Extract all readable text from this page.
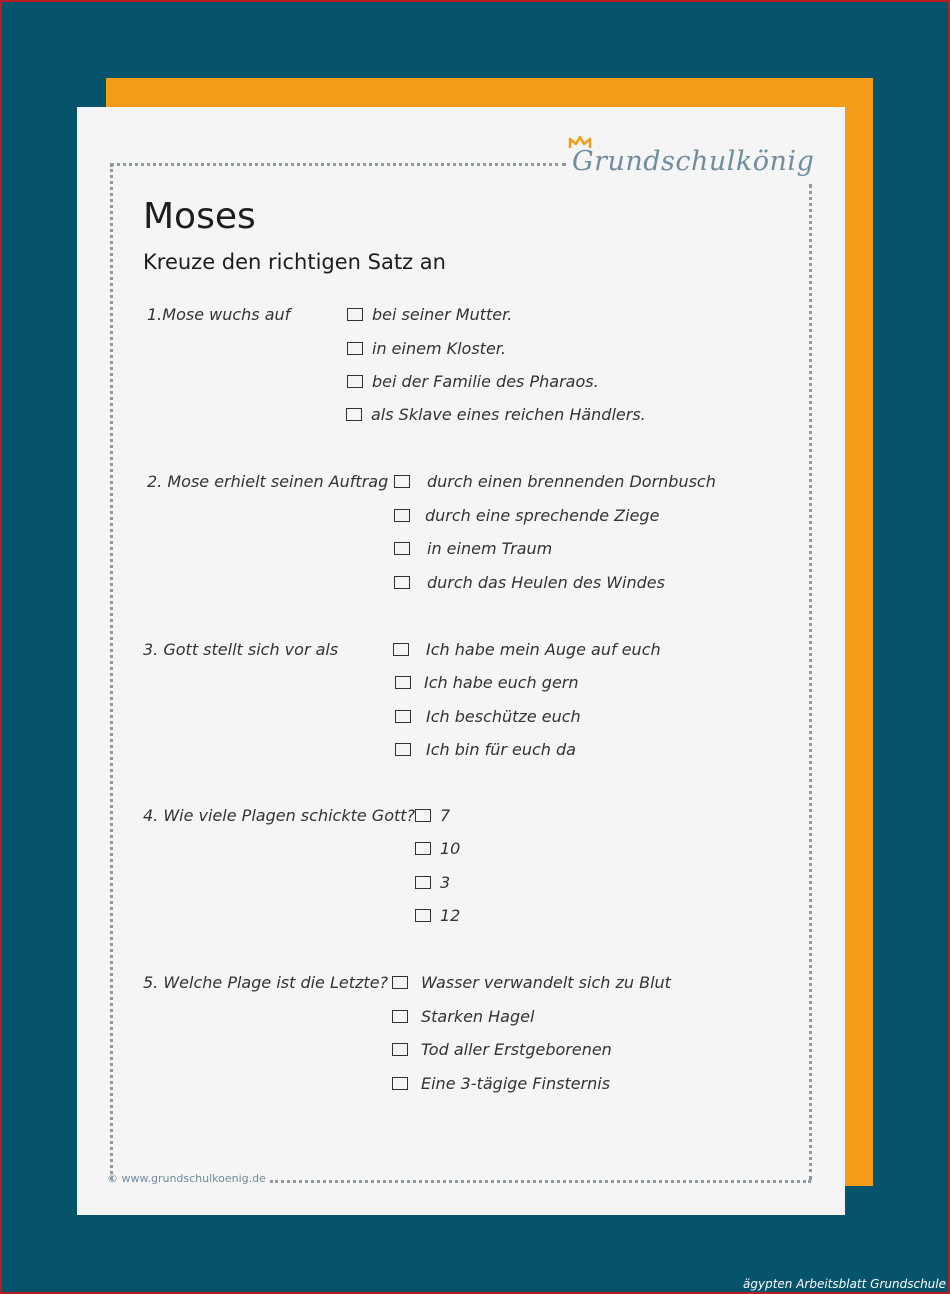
Grundschulkönig
Moses
Kreuze den richtigen Satz an
1.Mose wuchs auf	bei seiner Mutter.
in einem Kloster.
bei der Familie des Pharaos.
als Sklave eines reichen Händlers.
2. Mose erhielt seinen Auftrag	durch einen brennenden Dornbusch
durch eine sprechende Ziege
in einem Traum
durch das Heulen des Windes
3. Gott stellt sich vor als	Ich habe mein Auge auf euch
Ich habe euch gern
Ich beschütze euch
Ich bin für euch da
4. Wie viele Plagen schickte Gott?	7
10
3
12
5. Welche Plage ist die Letzte?	Wasser verwandelt sich zu Blut
Starken Hagel
Tod aller Erstgeborenen
Eine 3-tägige Finsternis
© www.grundschulkoenig.de
ägypten Arbeitsblatt Grundschule
